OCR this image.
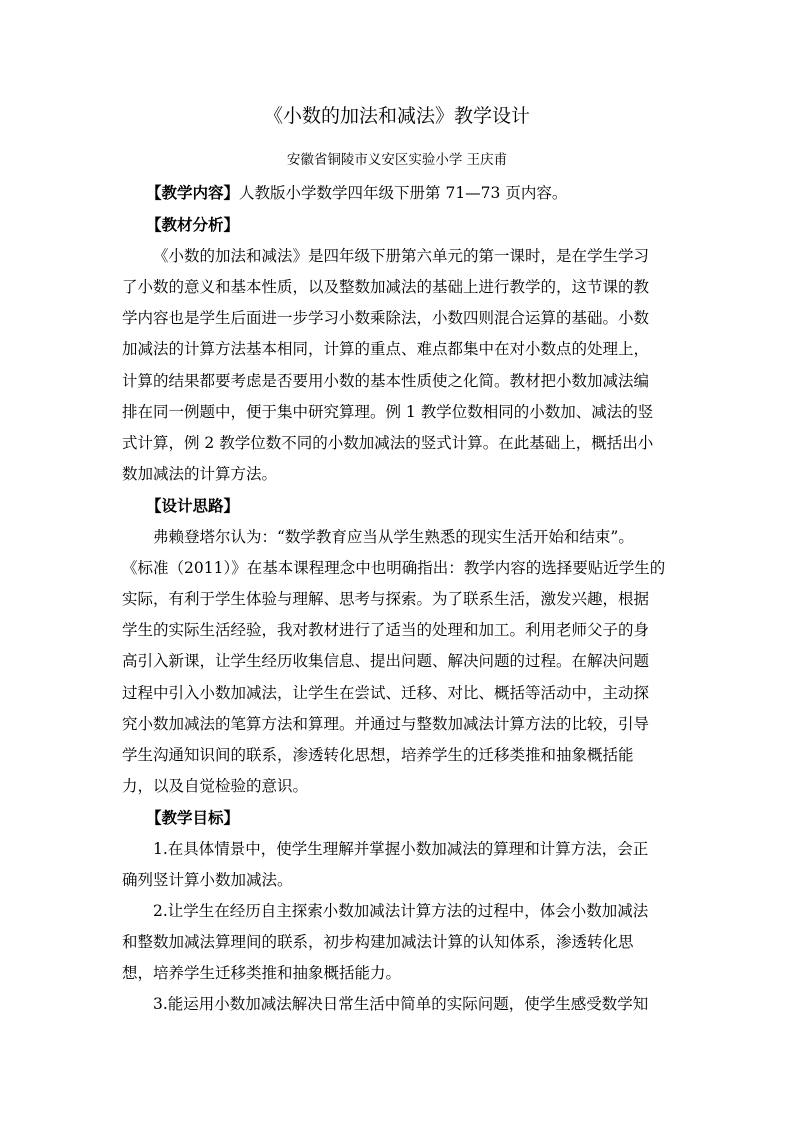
《小数的加法和减法》教学设计
安徽省铜陵市义安区实验小学 王庆甫

【教学内容】人教版小学数学四年级下册第 71—73 页内容。

【教材分析】

《小数的加法和减法》是四年级下册第六单元的第一课时，是在学生学习
了小数的意义和基本性质，以及整数加减法的基础上进行教学的，这节课的教
学内容也是学生后面进一步学习小数乘除法，小数四则混合运算的基础。小数
加减法的计算方法基本相同，计算的重点、难点都集中在对小数点的处理上，
计算的结果都要考虑是否要用小数的基本性质使之化简。教材把小数加减法编
排在同一例题中，便于集中研究算理。例 1 教学位数相同的小数加、减法的竖
式计算，例 2 教学位数不同的小数加减法的竖式计算。在此基础上，概括出小
数加减法的计算方法。

【设计思路】

弗赖登塔尔认为：“数学教育应当从学生熟悉的现实生活开始和结束”。
《标准（2011）》在基本课程理念中也明确指出：教学内容的选择要贴近学生的
实际，有利于学生体验与理解、思考与探索。为了联系生活，激发兴趣，根据
学生的实际生活经验，我对教材进行了适当的处理和加工。利用老师父子的身
高引入新课，让学生经历收集信息、提出问题、解决问题的过程。在解决问题
过程中引入小数加减法，让学生在尝试、迁移、对比、概括等活动中，主动探
究小数加减法的笔算方法和算理。并通过与整数加减法计算方法的比较，引导
学生沟通知识间的联系，渗透转化思想，培养学生的迁移类推和抽象概括能
力，以及自觉检验的意识。

【教学目标】

1.在具体情景中，使学生理解并掌握小数加减法的算理和计算方法，会正
确列竖计算小数加减法。

2.让学生在经历自主探索小数加减法计算方法的过程中，体会小数加减法
和整数加减法算理间的联系，初步构建加减法计算的认知体系，渗透转化思
想，培养学生迁移类推和抽象概括能力。

3.能运用小数加减法解决日常生活中简单的实际问题，使学生感受数学知
